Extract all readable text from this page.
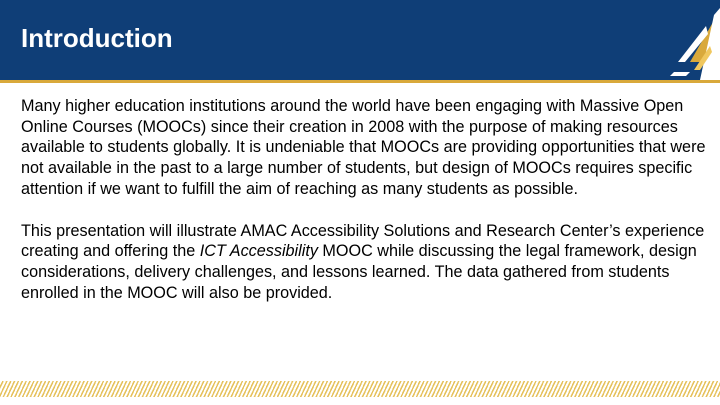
Introduction

Many higher education institutions around the world have been engaging with Massive Open Online Courses (MOOCs) since their creation in 2008 with the purpose of making resources available to students globally. It is undeniable that MOOCs are providing opportunities that were not available in the past to a large number of students, but design of MOOCs requires specific attention if we want to fulfill the aim of reaching as many students as possible.

This presentation will illustrate AMAC Accessibility Solutions and Research Center’s experience creating and offering the ICT Accessibility MOOC while discussing the legal framework, design considerations, delivery challenges, and lessons learned. The data gathered from students enrolled in the MOOC will also be provided.
